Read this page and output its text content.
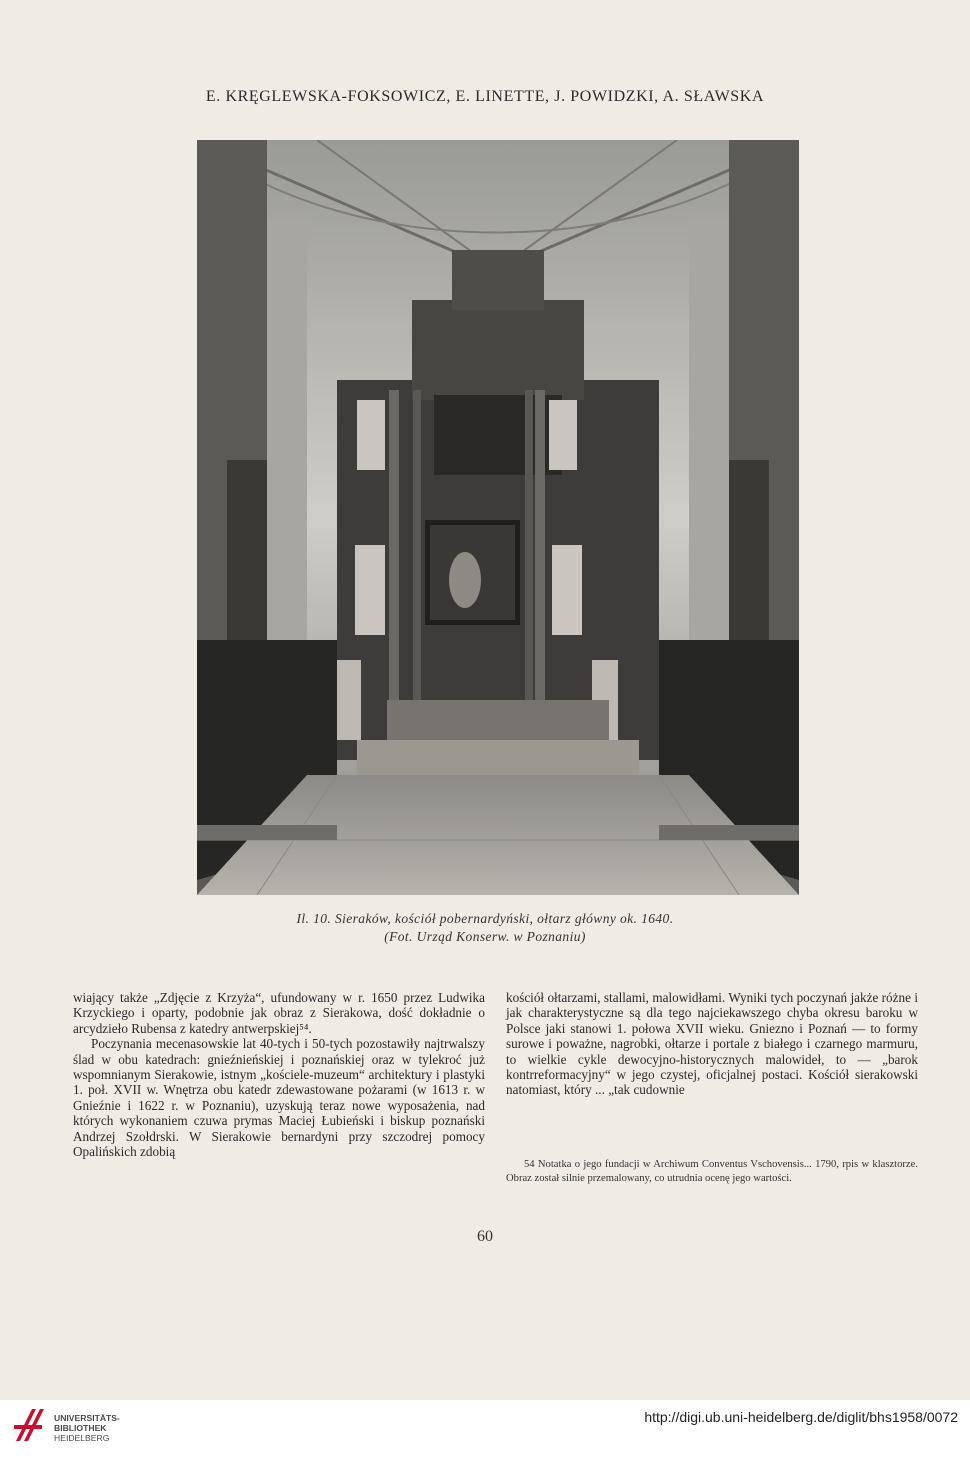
E. KRĘGLEWSKA-FOKSOWICZ, E. LINETTE, J. POWIDZKI, A. SŁAWSKA
Il. 10. Sieraków, kościół pobernardyński, ołtarz główny ok. 1640.
(Fot. Urząd Konserw. w Poznaniu)

wiający także „Zdjęcie z Krzyża“, ufundowany w r. 1650 przez Ludwika Krzyckiego i oparty, podobnie jak obraz z Sierakowa, dość dokładnie o arcydzieło Rubensa z katedry antwerpskiej⁵⁴.

Poczynania mecenasowskie lat 40-tych i 50-tych pozostawiły najtrwalszy ślad w obu katedrach: gnieźnieńskiej i poznańskiej oraz w tylekroć już wspomnianym Sierakowie, istnym „kościele-muzeum“ architektury i plastyki 1. poł. XVII w. Wnętrza obu katedr zdewastowane pożarami (w 1613 r. w Gnieźnie i 1622 r. w Poznaniu), uzyskują teraz nowe wyposażenia, nad których wykonaniem czuwa prymas Maciej Łubieński i biskup poznański Andrzej Szołdrski. W Sierakowie bernardyni przy szczodrej pomocy Opalińskich zdobią

kościół ołtarzami, stallami, malowidłami. Wyniki tych poczynań jakże różne i jak charakterystyczne są dla tego najciekawszego chyba okresu baroku w Polsce jaki stanowi 1. połowa XVII wieku. Gniezno i Poznań — to formy surowe i poważne, nagrobki, ołtarze i portale z białego i czarnego marmuru, to wielkie cykle dewocyjno-historycznych malowideł, to — „barok kontrreformacyjny“ w jego czystej, oficjalnej postaci. Kościół sierakowski natomiast, który ... „tak cudownie

54 Notatka o jego fundacji w Archiwum Conventus Vschovensis... 1790, rpis w klasztorze. Obraz został silnie przemalowany, co utrudnia ocenę jego wartości.
60
UNIVERSITÄTS-
BIBLIOTHEK
HEIDELBERG
http://digi.ub.uni-heidelberg.de/diglit/bhs1958/0072
